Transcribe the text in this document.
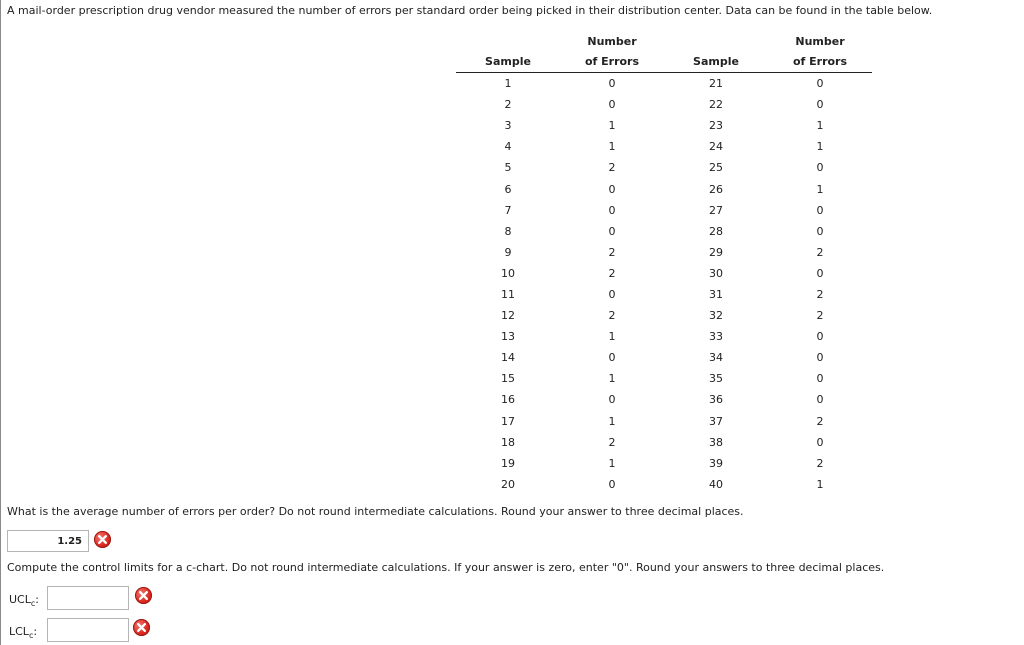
A mail-order prescription drug vendor measured the number of errors per standard order being picked in their distribution center. Data can be found in the table below.
	Number		Number
Sample	of Errors	Sample	of Errors
1	0	21	0
2	0	22	0
3	1	23	1
4	1	24	1
5	2	25	0
6	0	26	1
7	0	27	0
8	0	28	0
9	2	29	2
10	2	30	0
11	0	31	2
12	2	32	2
13	1	33	0
14	0	34	0
15	1	35	0
16	0	36	0
17	1	37	2
18	2	38	0
19	1	39	2
20	0	40	1
What is the average number of errors per order? Do not round intermediate calculations. Round your answer to three decimal places.
1.25
Compute the control limits for a c-chart. Do not round intermediate calculations. If your answer is zero, enter "0". Round your answers to three decimal places.
$UCL_c$:
$LCL_c$:
